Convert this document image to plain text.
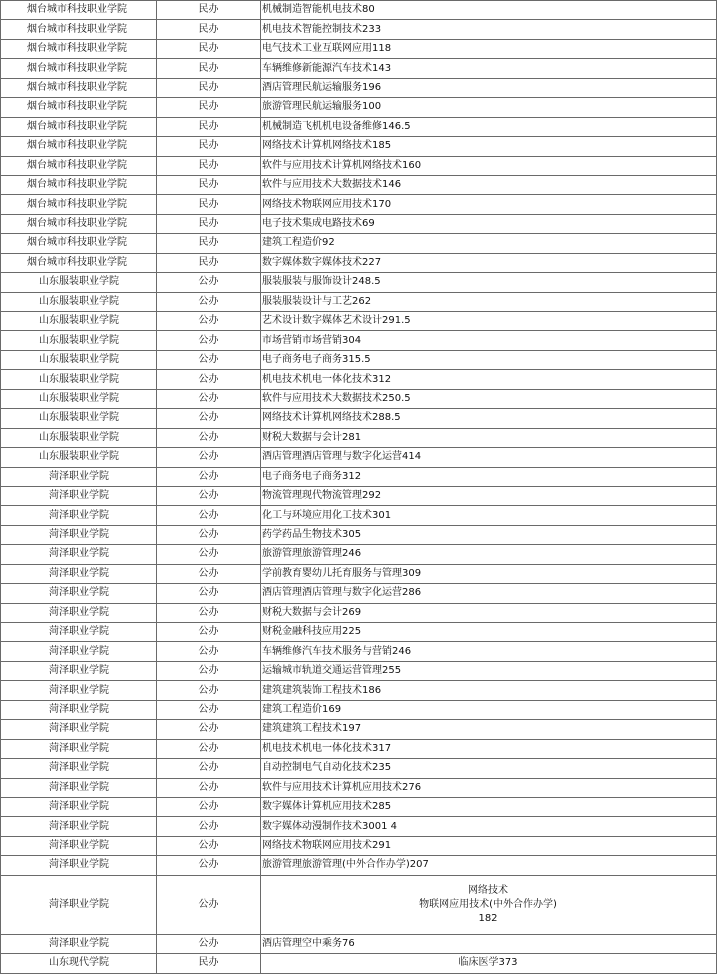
烟台城市科技职业学院	民办	机械制造智能机电技术80
烟台城市科技职业学院	民办	机电技术智能控制技术233
烟台城市科技职业学院	民办	电气技术工业互联网应用118
烟台城市科技职业学院	民办	车辆维修新能源汽车技术143
烟台城市科技职业学院	民办	酒店管理民航运输服务196
烟台城市科技职业学院	民办	旅游管理民航运输服务100
烟台城市科技职业学院	民办	机械制造飞机机电设备维修146.5
烟台城市科技职业学院	民办	网络技术计算机网络技术185
烟台城市科技职业学院	民办	软件与应用技术计算机网络技术160
烟台城市科技职业学院	民办	软件与应用技术大数据技术146
烟台城市科技职业学院	民办	网络技术物联网应用技术170
烟台城市科技职业学院	民办	电子技术集成电路技术69
烟台城市科技职业学院	民办	建筑工程造价92
烟台城市科技职业学院	民办	数字媒体数字媒体技术227
山东服装职业学院	公办	服装服装与服饰设计248.5
山东服装职业学院	公办	服装服装设计与工艺262
山东服装职业学院	公办	艺术设计数字媒体艺术设计291.5
山东服装职业学院	公办	市场营销市场营销304
山东服装职业学院	公办	电子商务电子商务315.5
山东服装职业学院	公办	机电技术机电一体化技术312
山东服装职业学院	公办	软件与应用技术大数据技术250.5
山东服装职业学院	公办	网络技术计算机网络技术288.5
山东服装职业学院	公办	财税大数据与会计281
山东服装职业学院	公办	酒店管理酒店管理与数字化运营414
菏泽职业学院	公办	电子商务电子商务312
菏泽职业学院	公办	物流管理现代物流管理292
菏泽职业学院	公办	化工与环境应用化工技术301
菏泽职业学院	公办	药学药品生物技术305
菏泽职业学院	公办	旅游管理旅游管理246
菏泽职业学院	公办	学前教育婴幼儿托育服务与管理309
菏泽职业学院	公办	酒店管理酒店管理与数字化运营286
菏泽职业学院	公办	财税大数据与会计269
菏泽职业学院	公办	财税金融科技应用225
菏泽职业学院	公办	车辆维修汽车技术服务与营销246
菏泽职业学院	公办	运输城市轨道交通运营管理255
菏泽职业学院	公办	建筑建筑装饰工程技术186
菏泽职业学院	公办	建筑工程造价169
菏泽职业学院	公办	建筑建筑工程技术197
菏泽职业学院	公办	机电技术机电一体化技术317
菏泽职业学院	公办	自动控制电气自动化技术235
菏泽职业学院	公办	软件与应用技术计算机应用技术276
菏泽职业学院	公办	数字媒体计算机应用技术285
菏泽职业学院	公办	数字媒体动漫制作技术3001 4
菏泽职业学院	公办	网络技术物联网应用技术291
菏泽职业学院	公办	旅游管理旅游管理(中外合作办学)207
菏泽职业学院	公办	网络技术
物联网应用技术(中外合作办学)
182

菏泽职业学院	公办	酒店管理空中乘务76
山东现代学院	民办	临床医学373
